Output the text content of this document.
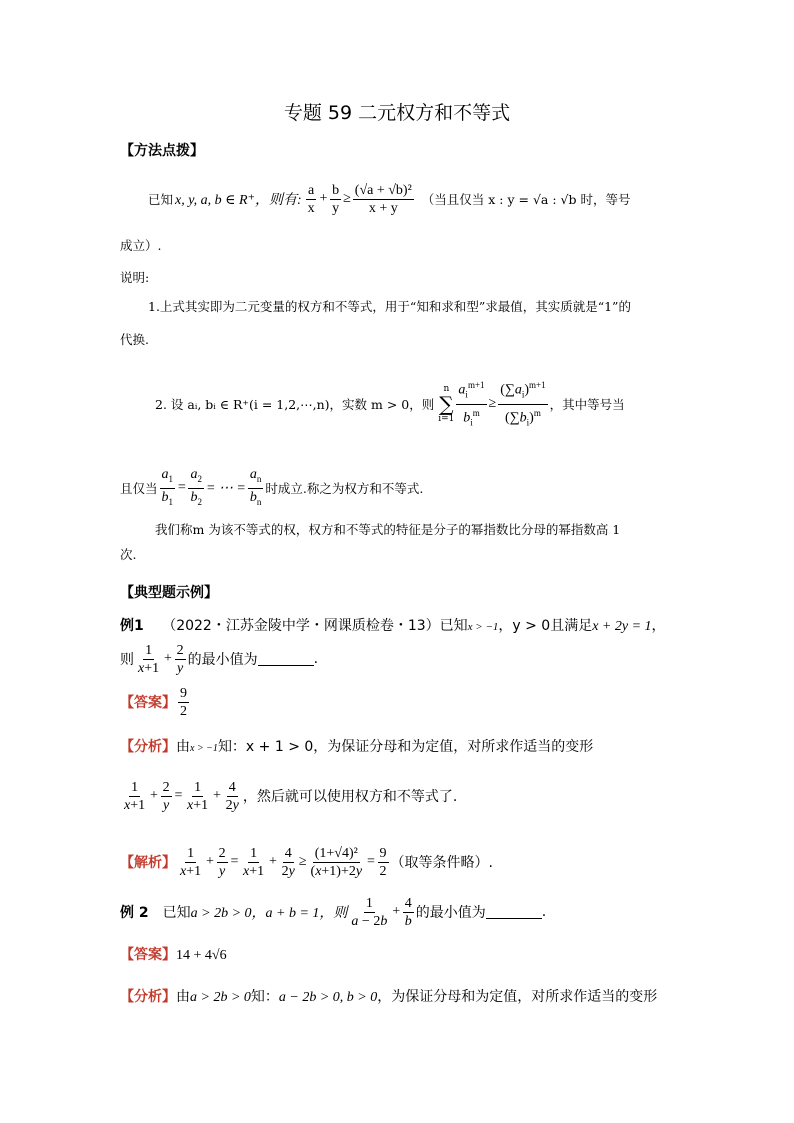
专题 59 二元权方和不等式
【方法点拨】
已知 x, y, a, b ∈ R⁺，则有: $\frac{a}{x} + \frac{b}{y} \ge \frac{\text{(√a + √b)²}}{x + y}$ （当且仅当 x : y = √a : √b 时，等号
成立）.
说明:
1.上式其实即为二元变量的权方和不等式，用于“知和求和型”求最值，其实质就是“1”的
代换.
2. 设 aᵢ, bᵢ ∈ R⁺(i = 1,2,⋯,n)，实数 m > 0，则
n
∑
$i=1 \frac{a_i^{m+1}}{b_i^m} \ge \frac{(\sum a_i)^{m+1}}{(\sum b_i)^m}$ ，其中等号当
且仅当 $\frac{a_1}{b_1} = \frac{a_2}{b_2}$ = ⋯ = $\frac{a_n}{b_n}$ 时成立.称之为权方和不等式.
我们称m 为该不等式的权，权方和不等式的特征是分子的幂指数比分母的幂指数高 1
次.
【典型题示例】
例1 （2022・江苏金陵中学・网课质检卷・13）已知x > −1，y > 0且满足x + 2y = 1，
则 $\frac{1}{x+1} + \frac{2}{y}$ 的最小值为	.
【答案】 $\frac{9}{2}$
【分析】由x > −1知：x + 1 > 0，为保证分母和为定值，对所求作适当的变形
$\frac{1}{x+1} + \frac{2}{y} = \frac{1}{x+1} + \frac{4}{2y}$ ，然后就可以使用权方和不等式了.
【解析】 $\frac{1}{x+1} + \frac{2}{y} = \frac{1}{x+1} + \frac{4}{2y} \ge \frac{\text{(1+√4)²}}{(x+1)+2y} = \frac{9}{2}$ （取等条件略）.
例 2 已知 a > 2b > 0，a + b = 1，则 $\frac{1}{a - 2b} + \frac{4}{b}$ 的最小值为	.
【答案】14 + 4√6
【分析】由a > 2b > 0知：a − 2b > 0, b > 0，为保证分母和为定值，对所求作适当的变形
